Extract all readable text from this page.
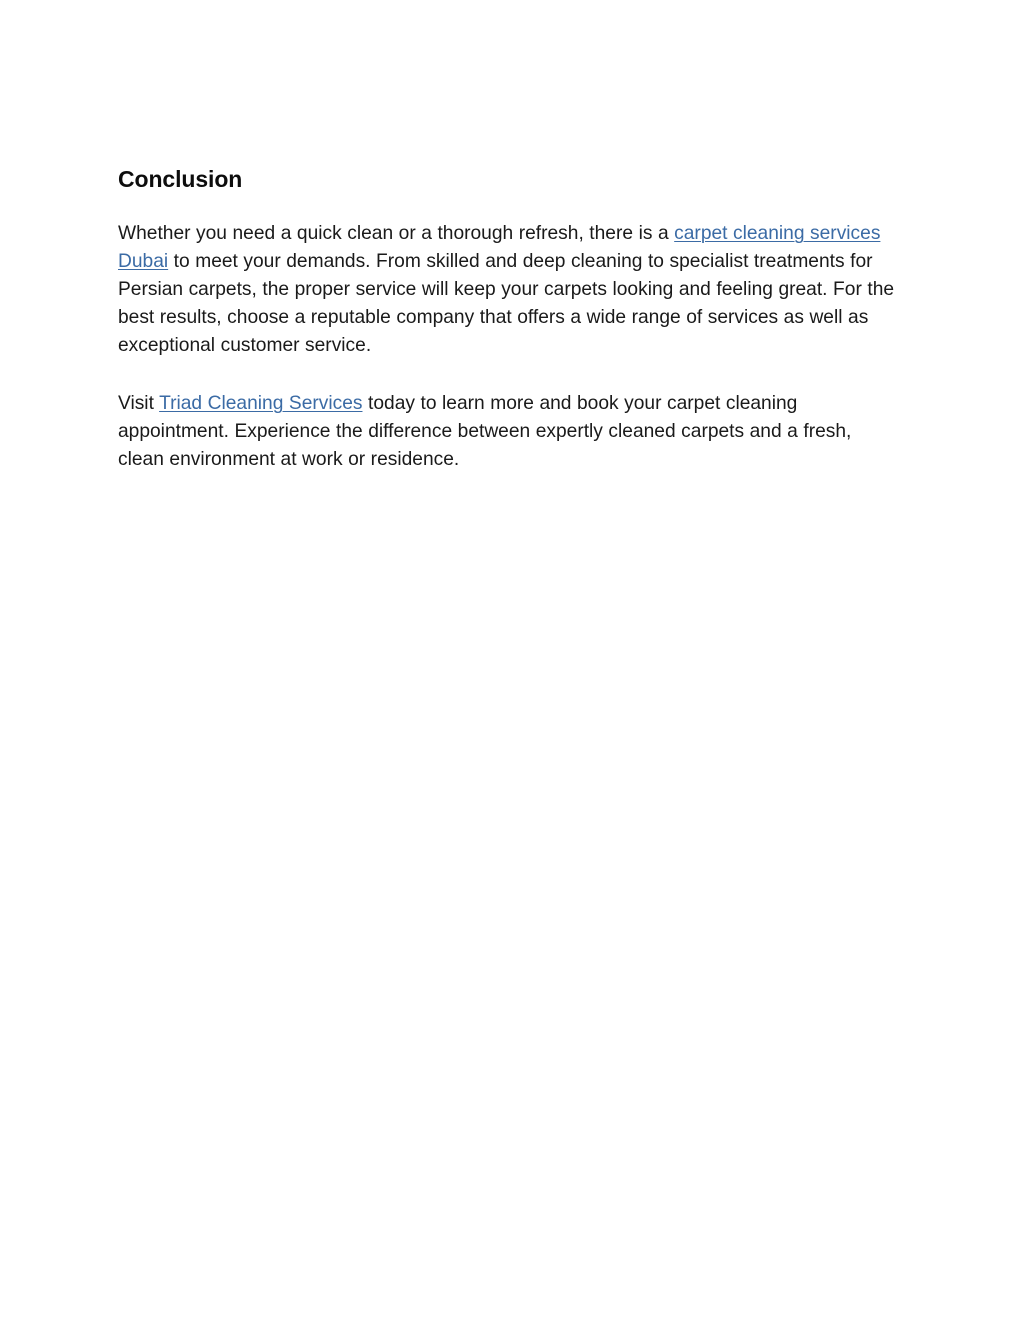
Conclusion

Whether you need a quick clean or a thorough refresh, there is a carpet cleaning services Dubai to meet your demands. From skilled and deep cleaning to specialist treatments for Persian carpets, the proper service will keep your carpets looking and feeling great. For the best results, choose a reputable company that offers a wide range of services as well as exceptional customer service.

Visit Triad Cleaning Services today to learn more and book your carpet cleaning appointment. Experience the difference between expertly cleaned carpets and a fresh, clean environment at work or residence.
